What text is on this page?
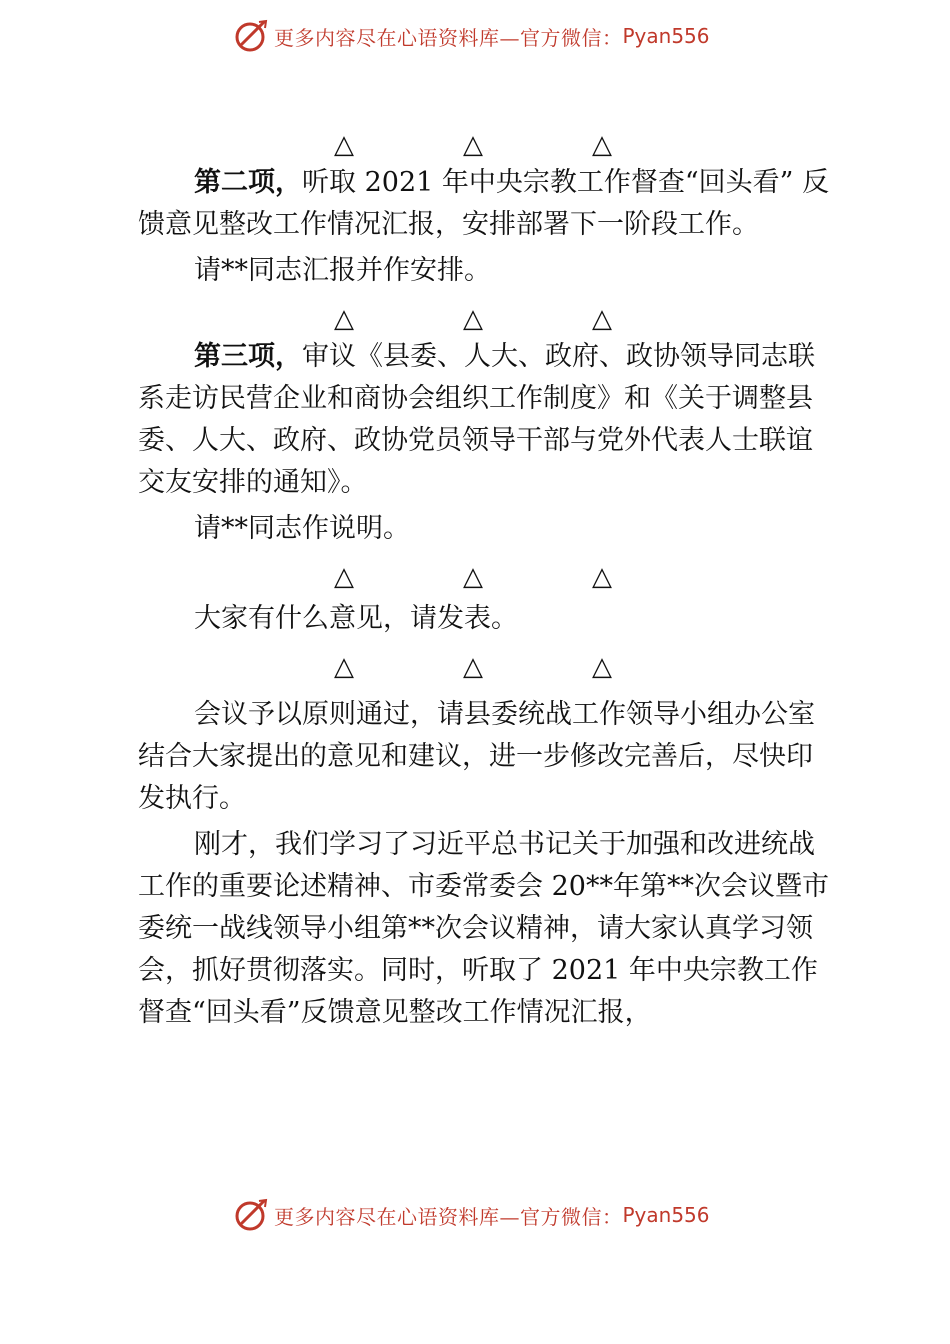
更多内容尽在心语资料库—官方微信： Pyan556
△	△	△

第二项，听取 2021 年中央宗教工作督查“回头看” 反馈意见整改工作情况汇报，安排部署下一阶段工作。

请**同志汇报并作安排。

△	△	△

第三项，审议《县委、人大、政府、政协领导同志联系走访民营企业和商协会组织工作制度》和《关于调整县委、人大、政府、政协党员领导干部与党外代表人士联谊交友安排的通知》。

请**同志作说明。

△	△	△

大家有什么意见，请发表。

△	△	△

会议予以原则通过，请县委统战工作领导小组办公室结合大家提出的意见和建议，进一步修改完善后，尽快印发执行。

刚才，我们学习了习近平总书记关于加强和改进统战工作的重要论述精神、市委常委会 20**年第**次会议暨市委统一战线领导小组第**次会议精神，请大家认真学习领会，抓好贯彻落实。同时，听取了 2021 年中央宗教工作督查“回头看”反馈意见整改工作情况汇报，

更多内容尽在心语资料库—官方微信： Pyan556
